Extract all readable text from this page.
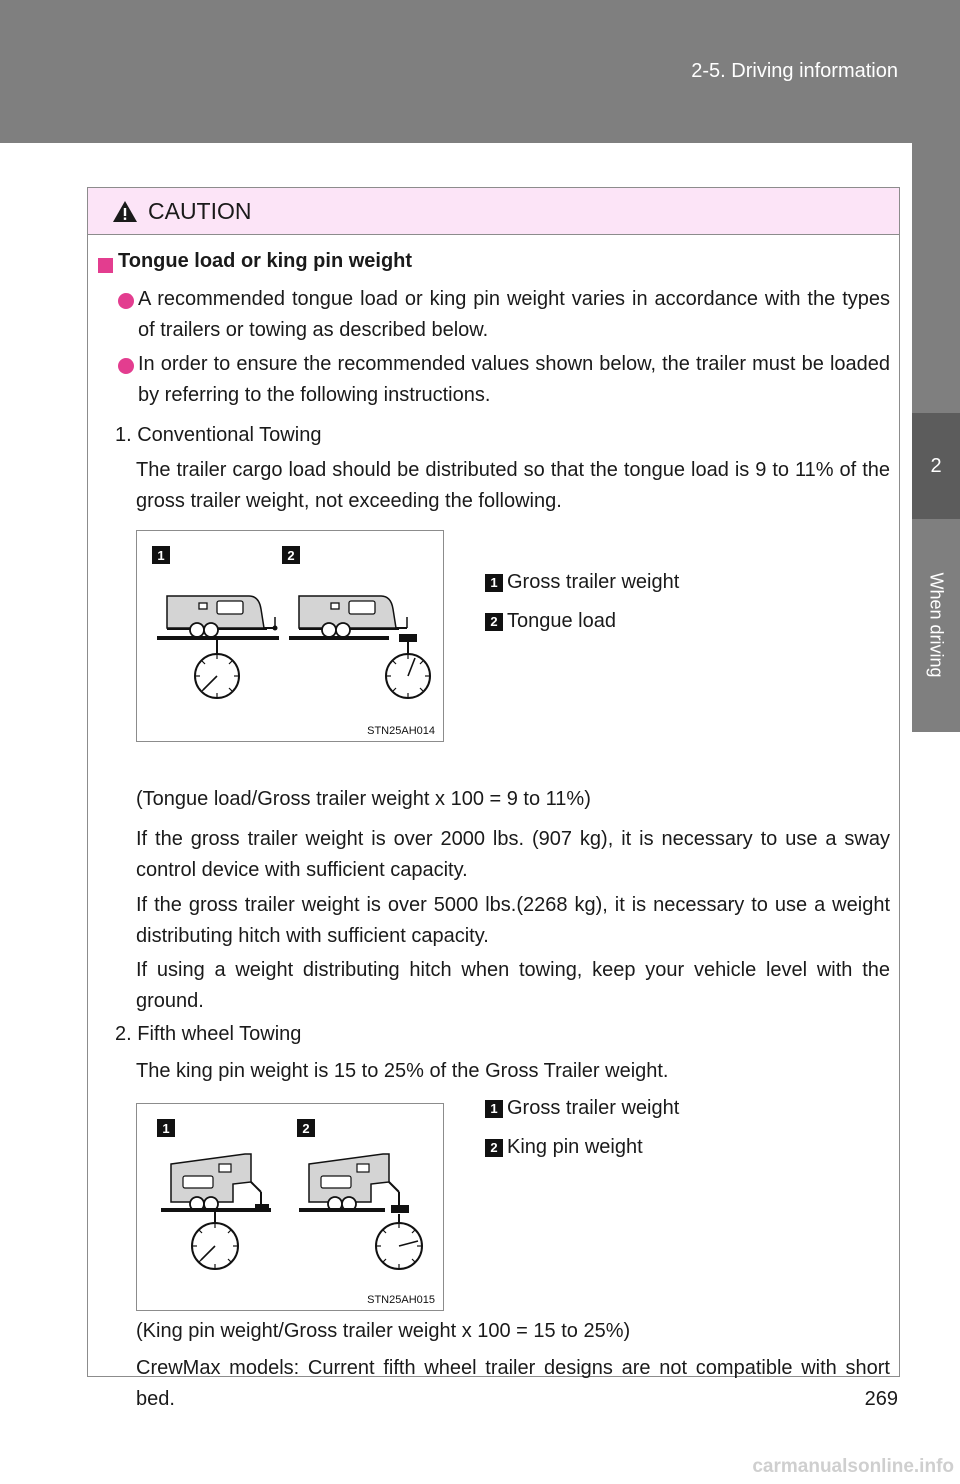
2-5. Driving information
2
When driving
CAUTION
Tongue load or king pin weight
A recommended tongue load or king pin weight varies in accordance with the types of trailers or towing as described below.
In order to ensure the recommended values shown below, the trailer must be loaded by referring to the following instructions.
1. Conventional Towing
The trailer cargo load should be distributed so that the tongue load is 9 to 11% of the gross trailer weight, not exceeding the following.
1	2
STN25AH014
1 Gross trailer weight
2 Tongue load
(Tongue load/Gross trailer weight x 100 = 9 to 11%)
If the gross trailer weight is over 2000 lbs. (907 kg), it is necessary to use a sway control device with sufficient capacity.
If the gross trailer weight is over 5000 lbs.(2268 kg), it is necessary to use a weight distributing hitch with sufficient capacity.
If using a weight distributing hitch when towing, keep your vehicle level with the ground.
2. Fifth wheel Towing
The king pin weight is 15 to 25% of the Gross Trailer weight.
1	2
STN25AH015
1 Gross trailer weight
2 King pin weight
(King pin weight/Gross trailer weight x 100 = 15 to 25%)
CrewMax models: Current fifth wheel trailer designs are not compatible with short bed.	269
carmanualsonline.info
